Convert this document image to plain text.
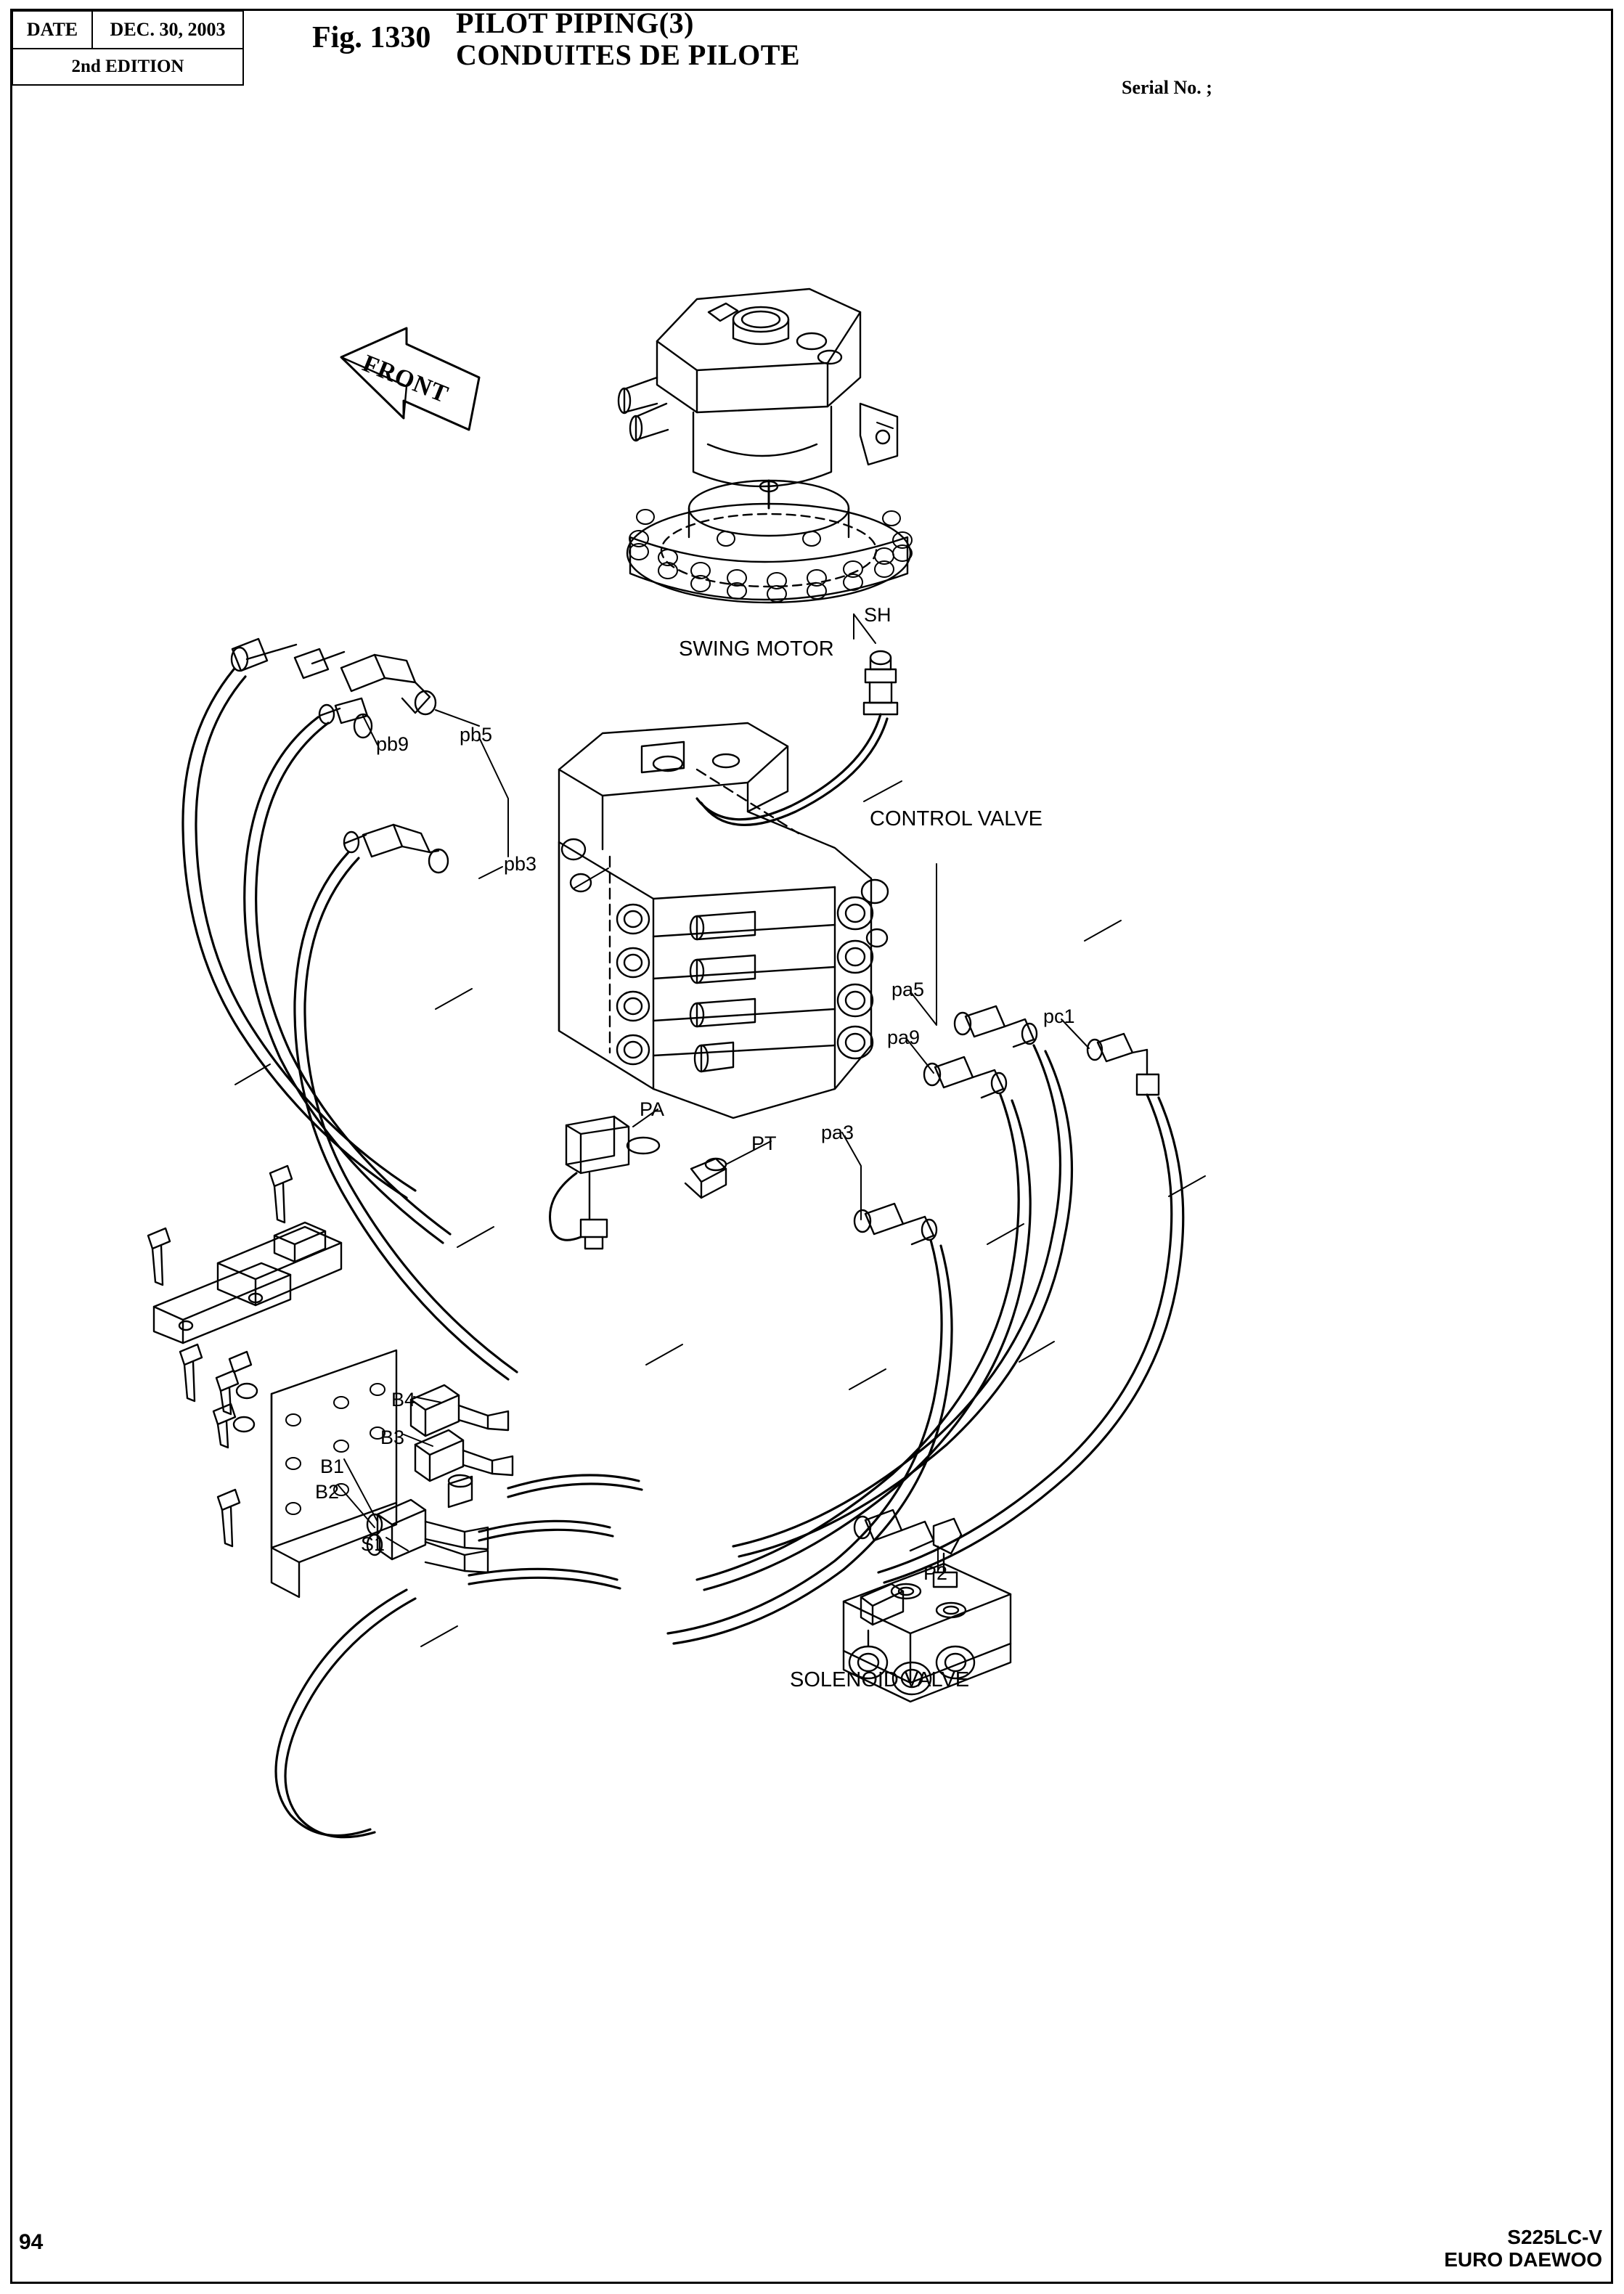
DATE	DEC. 30, 2003
2nd EDITION
Fig. 1330 PILOT PIPING(3)
CONDUITES DE PILOTE
Serial No. ;
SWING MOTOR
CONTROL VALVE
SOLENOID VALVE
SH
pb9	pb5
pb3
pa5
pa9
pc1
pa3
PA
PT
B4
B3
B1
B2
S1
P2
FRONT
94	S225LC-V
EURO DAEWOO
